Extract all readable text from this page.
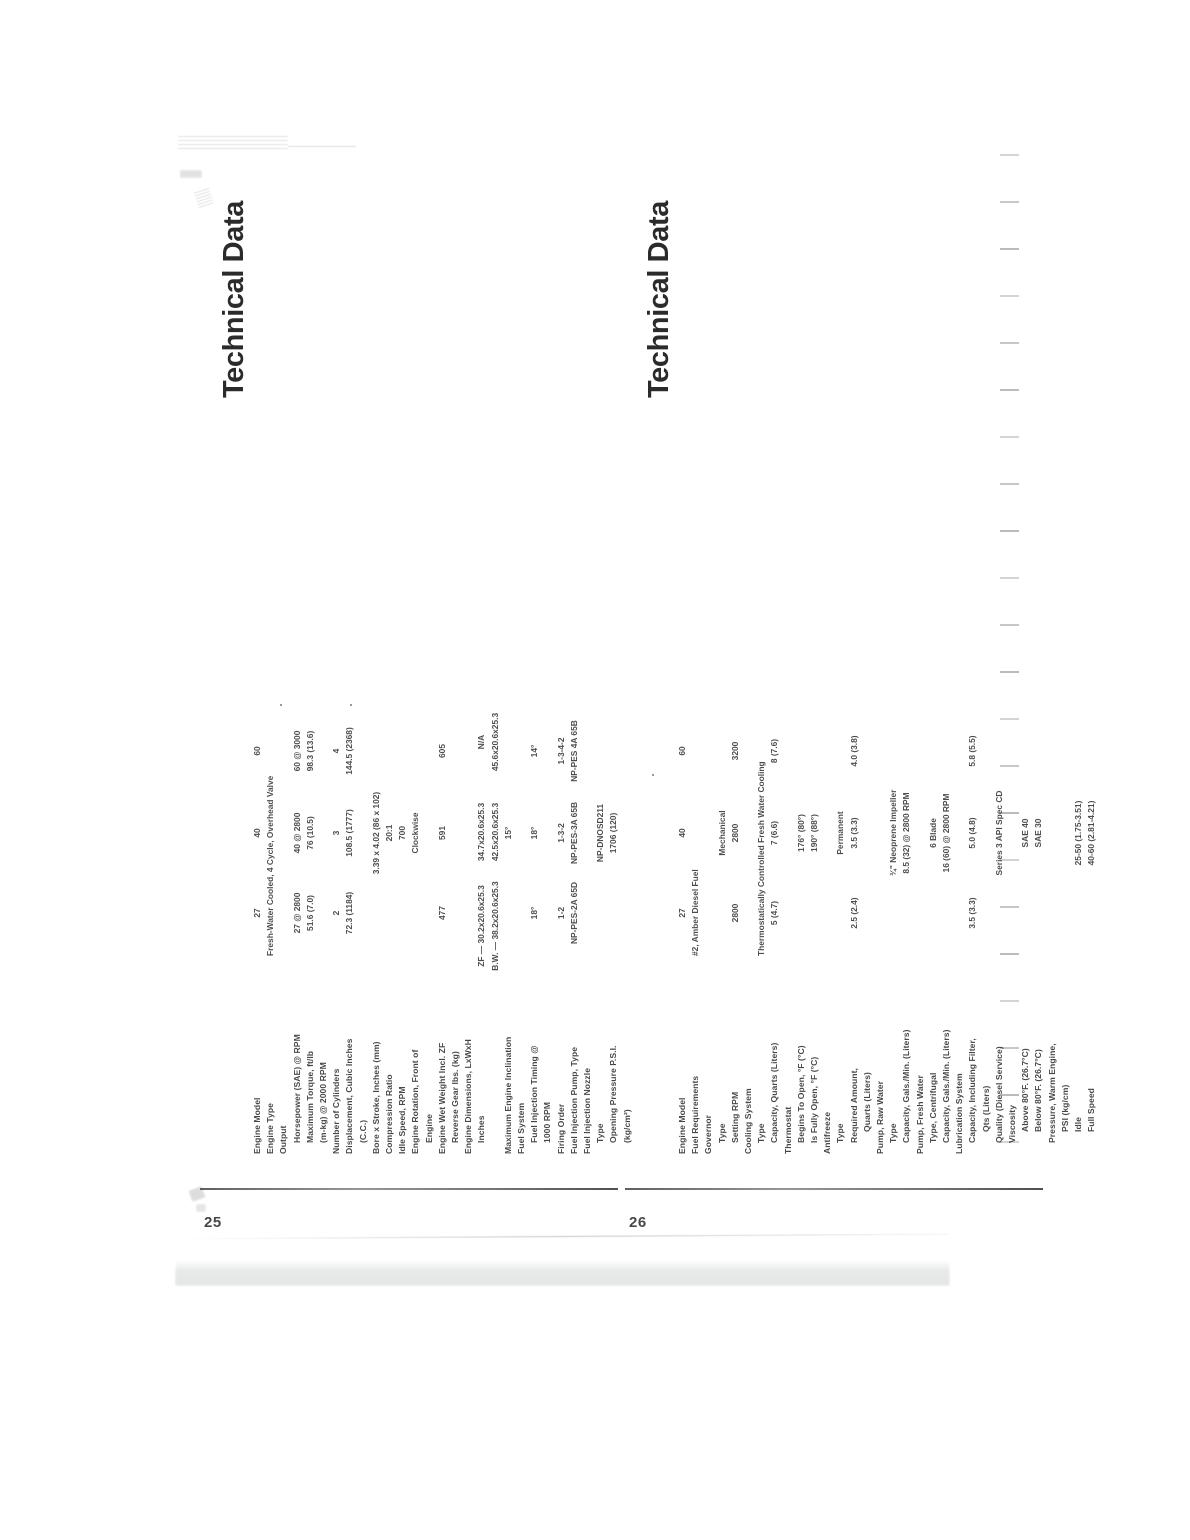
25
Technical Data
Engine Model
27
40
60
Engine Type
Fresh-Water Cooled, 4 Cycle, Overhead Valve
Output Horsepower (SAE) @ RPM
27 @ 2800
40 @ 2800
60 @ 3000
Maximum Torque, ft/lb
51.6 (7.0)
76 (10.5)
98.3 (13.6)
(m-kg) @ 2000 RPM Number of Cylinders
2
3
4
Displacement, Cubic Inches
72.3 (1184)
108.5 (1777)
144.5 (2368)
(C.C.) Bore x Stroke, Inches (mm)
3.39 x 4.02 (86 x 102)
Compression Ratio
20:1
Idle Speed, RPM
700
Engine Rotation, Front of
Clockwise
Engine Engine Wet Weight Incl. ZF
477
591
605
Reverse Gear lbs. (kg) Engine Dimensions, LxWxH Inches
ZF — 30.2x20.6x25.3
34.7x20.6x25.3
N/A
B.W. — 38.2x20.6x25.3
42.5x20.6x25.3
45.6x20.6x25.3
Maximum Engine Inclination
15°
Fuel System Fuel Injection Timing @
18°
18°
14°
1000 RPM Firing Order
1-2
1-3-2
1-3-4-2
Fuel Injection Pump, Type
NP-PES-2A 65D
NP-PES-3A 65B
NP-PES 4A 65B
Fuel Injection Nozzle Type
NP-DNOSD211
Opening Pressure P.S.I.
1706 (120)
(kg/cm²)
26
Technical Data
Engine Model
27
40
60
Fuel Requirements
#2, Amber Diesel Fuel
Governor Type
Mechanical
Setting RPM
2800
2800
3200
Cooling System Type
Thermostatically Controlled Fresh Water Cooling
Capacity, Quarts (Liters)
5 (4.7)
7 (6.6)
8 (7.6)
Thermostat Begins To Open, °F (°C)
176° (80°)
Is Fully Open, °F (°C)
190° (88°)
Antifreeze Type
Permanent
Required Amount,
2.5 (2.4)
3.5 (3.3)
4.0 (3.8)
Quarts (Liters) Pump, Raw Water Type
¾" Neoprene Impeller
Capacity, Gals./Min. (Liters)
8.5 (32) @ 2800 RPM
Pump, Fresh Water Type, Centrifugal
6 Blade
Capacity, Gals./Min. (Liters)
16 (60) @ 2800 RPM
Lubrication System Capacity, Including Filter,
3.5 (3.3)
5.0 (4.8)
5.8 (5.5)
Qts (Liters) Quality (Diesel Service)
Series 3 API Spec CD
Viscosity Above 80°F. (26.7°C)
SAE 40
Below 80°F. (26.7°C)
SAE 30
Pressure, Warm Engine, PSI (kg/cm) Idle
25-50 (1.75-3.51)
Full Speed
40-60 (2.81-4.21)
